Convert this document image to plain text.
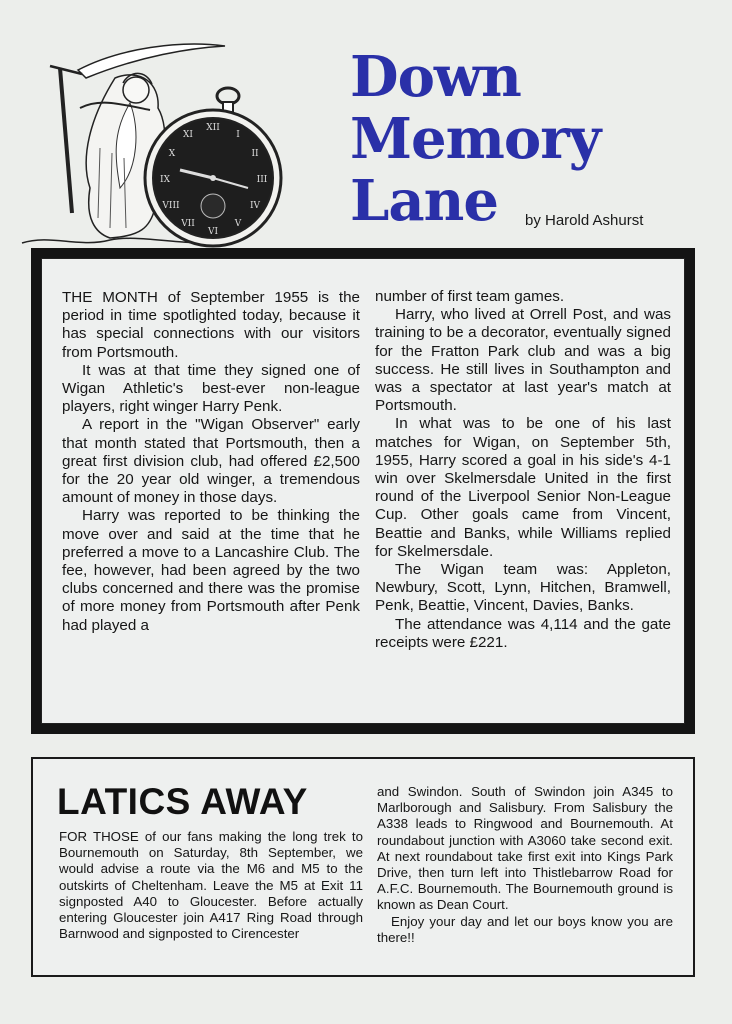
XII
III
VI
IX
I
II
IV
V
VII
VIII
X
XI
Down
Memory
Lane	by Harold Ashurst

THE MONTH of September 1955 is the period in time spotlighted today, because it has special connections with our visitors from Portsmouth.

It was at that time they signed one of Wigan Athletic's best-ever non-league players, right winger Harry Penk.

A report in the "Wigan Observer" early that month stated that Portsmouth, then a great first division club, had offered £2,500 for the 20 year old winger, a tremendous amount of money in those days.

Harry was reported to be thinking the move over and said at the time that he preferred a move to a Lancashire Club. The fee, however, had been agreed by the two clubs concerned and there was the promise of more money from Portsmouth after Penk had played a

number of first team games.

Harry, who lived at Orrell Post, and was training to be a decorator, eventually signed for the Fratton Park club and was a big success. He still lives in Southampton and was a spectator at last year's match at Portsmouth.

In what was to be one of his last matches for Wigan, on September 5th, 1955, Harry scored a goal in his side's 4-1 win over Skelmersdale United in the first round of the Liverpool Senior Non-League Cup. Other goals came from Vincent, Beattie and Banks, while Williams replied for Skelmersdale.

The Wigan team was: Appleton, Newbury, Scott, Lynn, Hitchen, Bramwell, Penk, Beattie, Vincent, Davies, Banks.

The attendance was 4,114 and the gate receipts were £221.

LATICS AWAY

FOR THOSE of our fans making the long trek to Bournemouth on Saturday, 8th September, we would advise a route via the M6 and M5 to the outskirts of Cheltenham. Leave the M5 at Exit 11 signposted A40 to Gloucester. Before actually entering Gloucester join A417 Ring Road through Barnwood and signposted to Cirencester

and Swindon. South of Swindon join A345 to Marlborough and Salisbury. From Salisbury the A338 leads to Ringwood and Bournemouth. At roundabout junction with A3060 take second exit. At next roundabout take first exit into Kings Park Drive, then turn left into Thistlebarrow Road for A.F.C. Bournemouth. The Bournemouth ground is known as Dean Court.

Enjoy your day and let our boys know you are there!!
